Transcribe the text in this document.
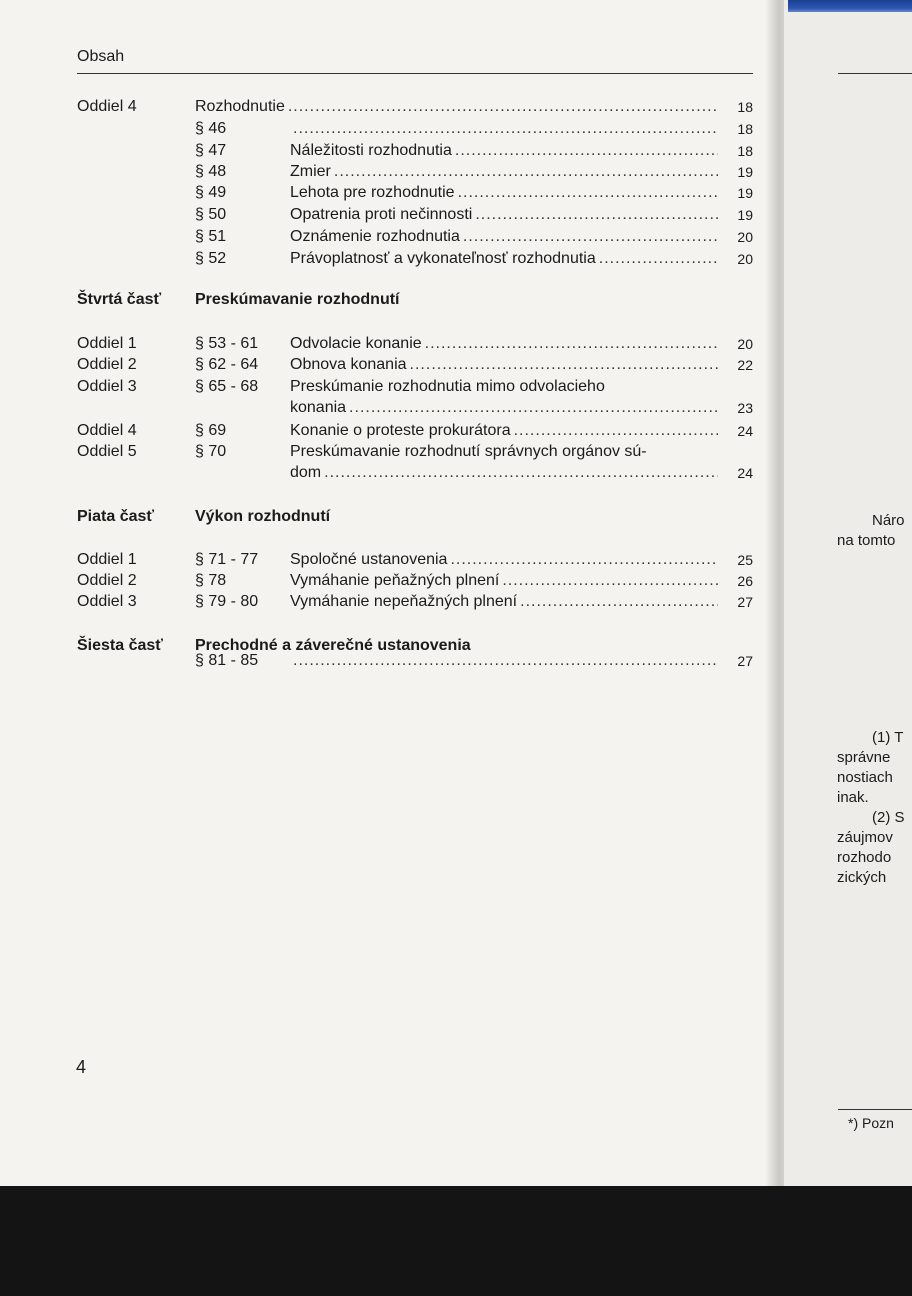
Obsah
Oddiel 4	Rozhodnutie .....	18
§ 46 .....	18
§ 47	Náležitosti rozhodnutia .....	18
§ 48	Zmier .....	19
§ 49	Lehota pre rozhodnutie .....	19
§ 50	Opatrenia proti nečinnosti .....	19
§ 51	Oznámenie rozhodnutia .....	20
§ 52	Právoplatnosť a vykonateľnosť rozhodnutia .....	20
Štvrtá časť Preskúmavanie rozhodnutí
Oddiel 1	§ 53 - 61 Odvolacie konanie .....	20
Oddiel 2	§ 62 - 64 Obnova konania .....	22
Oddiel 3	§ 65 - 68 Preskúmanie rozhodnutia mimo odvolacieho
konania .....	23
Oddiel 4	§ 69	Konanie o proteste prokurátora .....	24
Oddiel 5	§ 70	Preskúmavanie rozhodnutí správnych orgánov sú-
dom .....	24
Piata časť	Výkon rozhodnutí
Oddiel 1	§ 71 - 77 Spoločné ustanovenia .....	25
Oddiel 2	§ 78	Vymáhanie peňažných plnení .....	26
Oddiel 3	§ 79 - 80 Vymáhanie nepeňažných plnení .....	27
Šiesta časť Prechodné a záverečné ustanovenia
§ 81 - 85 .....	27
4
Náro
na tomto
(1) T
správne
nostiach
inak.
(2) S
záujmov
rozhodo
zických
*) Pozn
